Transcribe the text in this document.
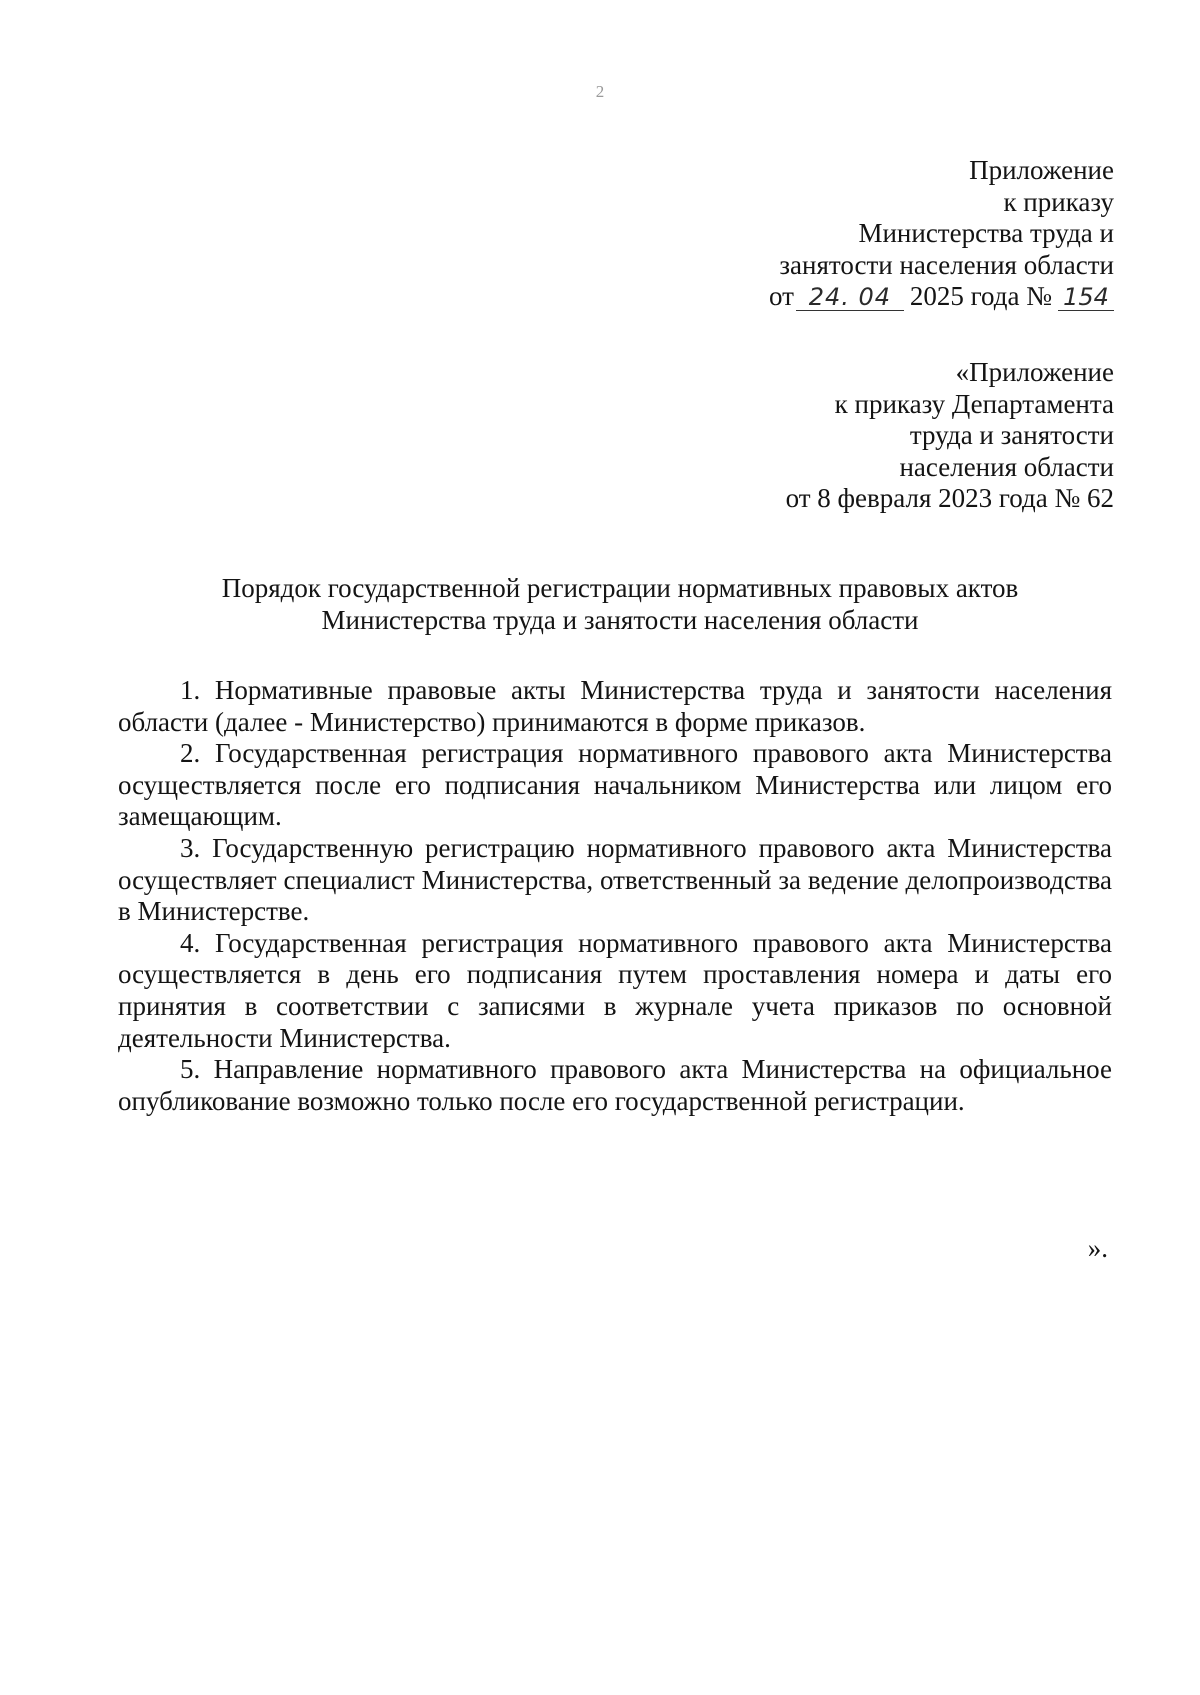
2
Приложение
к приказу
Министерства труда и
занятости населения области
от 24. 04 2025 года № 154
«Приложение
к приказу Департамента
труда и занятости
населения области
от 8 февраля 2023 года № 62
Порядок государственной регистрации нормативных правовых актов
Министерства труда и занятости населения области

1. Нормативные правовые акты Министерства труда и занятости населения области (далее - Министерство) принимаются в форме приказов.

2. Государственная регистрация нормативного правового акта Министерства осуществляется после его подписания начальником Министерства или лицом его замещающим.

3. Государственную регистрацию нормативного правового акта Министерства осуществляет специалист Министерства, ответственный за ведение делопроизводства в Министерстве.

4. Государственная регистрация нормативного правового акта Министерства осуществляется в день его подписания путем проставления номера и даты его принятия в соответствии с записями в журнале учета приказов по основной деятельности Министерства.

5. Направление нормативного правового акта Министерства на официальное опубликование возможно только после его государственной регистрации.

».
